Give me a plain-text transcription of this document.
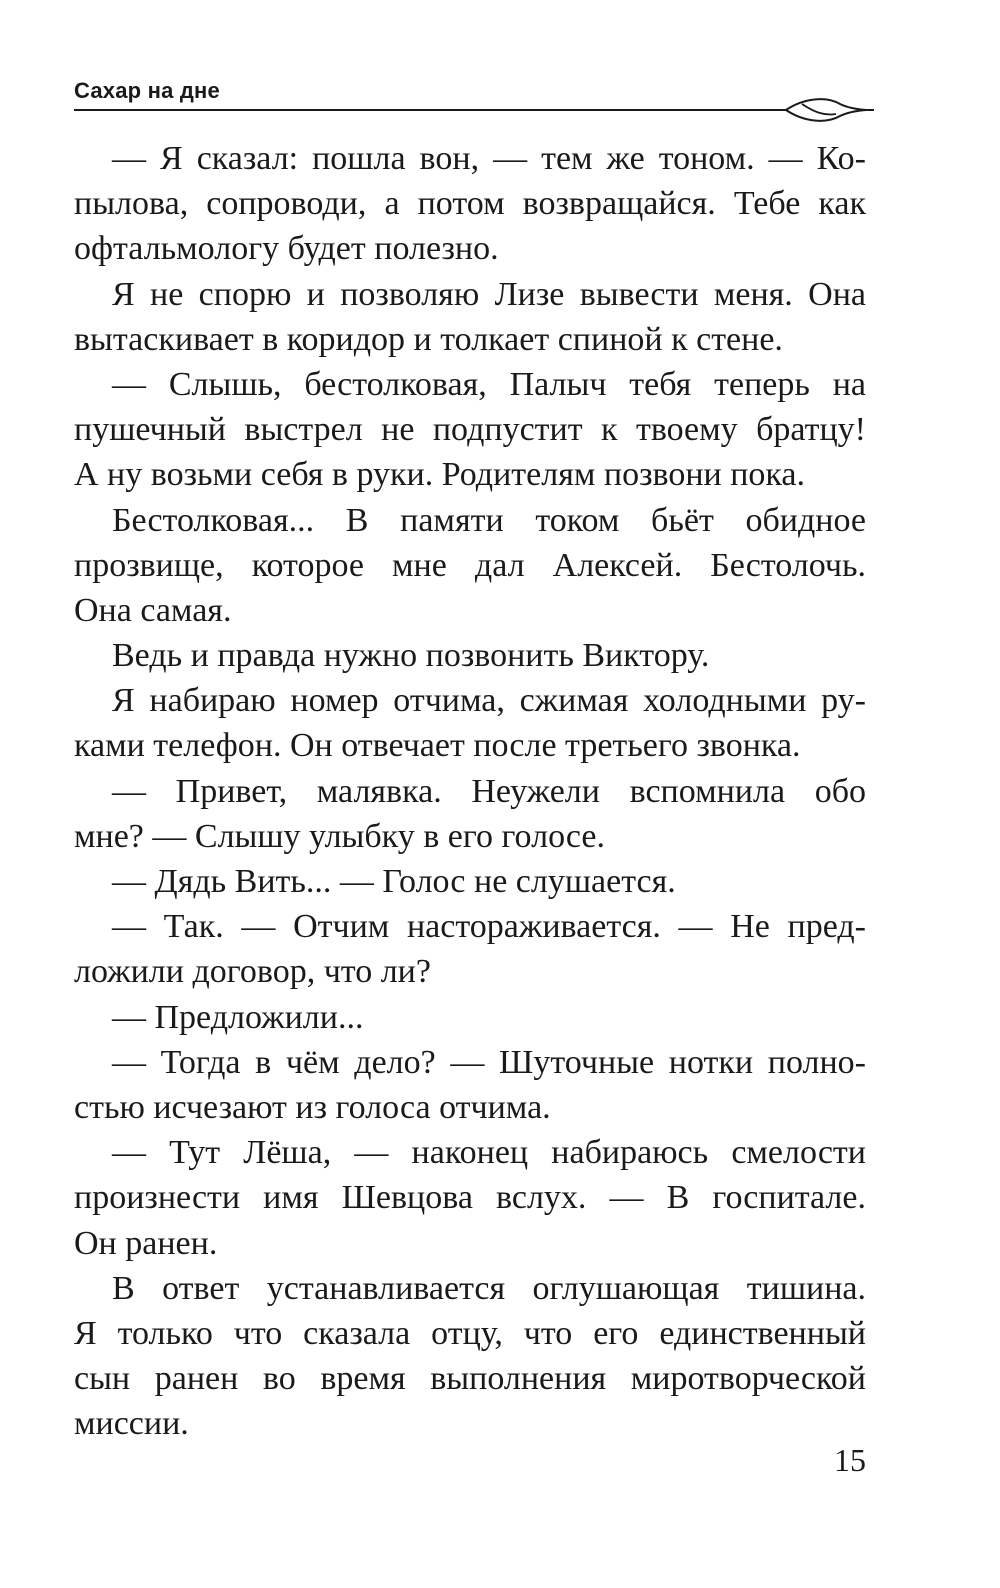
Сахар на дне
— Я сказал: пошла вон, — тем же тоном. — Ко-
пылова, сопроводи, а потом возвращайся. Тебе как
офтальмологу будет полезно.
Я не спорю и позволяю Лизе вывести меня. Она
вытаскивает в коридор и толкает спиной к стене.
— Слышь, бестолковая, Палыч тебя теперь на
пушечный выстрел не подпустит к твоему братцу!
А ну возьми себя в руки. Родителям позвони пока.
Бестолковая... В памяти током бьёт обидное
прозвище, которое мне дал Алексей. Бестолочь.
Она самая.
Ведь и правда нужно позвонить Виктору.
Я набираю номер отчима, сжимая холодными ру-
ками телефон. Он отвечает после третьего звонка.
— Привет, малявка. Неужели вспомнила обо
мне? — Слышу улыбку в его голосе.
— Дядь Вить... — Голос не слушается.
— Так. — Отчим настораживается. — Не пред-
ложили договор, что ли?
— Предложили...
— Тогда в чём дело? — Шуточные нотки полно-
стью исчезают из голоса отчима.
— Тут Лёша, — наконец набираюсь смелости
произнести имя Шевцова вслух. — В госпитале.
Он ранен.
В ответ устанавливается оглушающая тишина.
Я только что сказала отцу, что его единственный
сын ранен во время выполнения миротворческой
миссии.
15
